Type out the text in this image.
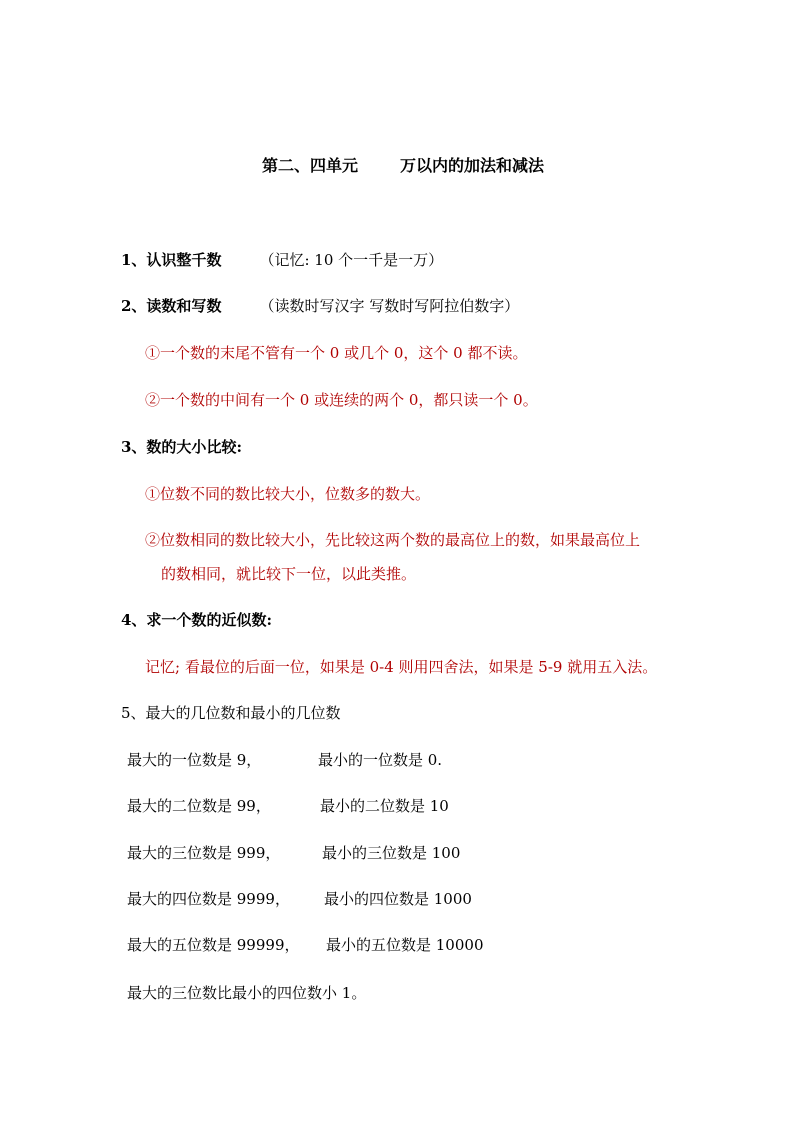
第二、四单元	万以内的加法和减法
1、认识整千数	（记忆: 10 个一千是一万）
2、读数和写数	（读数时写汉字 写数时写阿拉伯数字）
①一个数的末尾不管有一个 0 或几个 0，这个 0 都不读。
②一个数的中间有一个 0 或连续的两个 0，都只读一个 0。
3、数的大小比较:
①位数不同的数比较大小，位数多的数大。
②位数相同的数比较大小，先比较这两个数的最高位上的数，如果最高位上
的数相同，就比较下一位，以此类推。
4、求一个数的近似数:
记忆; 看最位的后面一位，如果是 0-4 则用四舍法，如果是 5-9 就用五入法。
5、最大的几位数和最小的几位数
最大的一位数是 9，	最小的一位数是 0.
最大的二位数是 99，	最小的二位数是 10
最大的三位数是 999，	最小的三位数是 100
最大的四位数是 9999， 最小的四位数是 1000
最大的五位数是 99999， 最小的五位数是 10000
最大的三位数比最小的四位数小 1。
